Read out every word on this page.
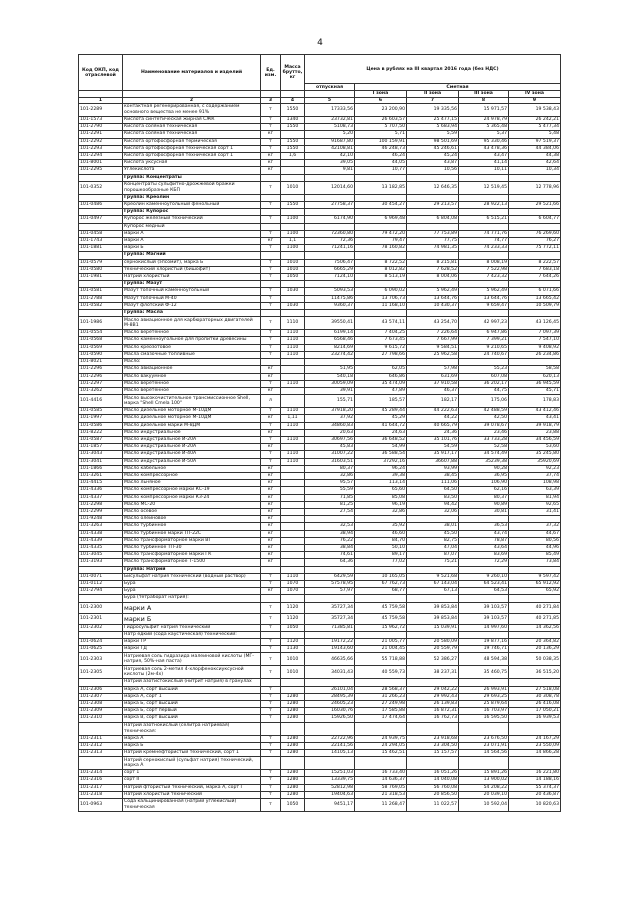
4
Код ОКП, код отраслевой	Наименование материалов и изделий	Ед. изм.	Масса брутто, кг	Цена в рублях на III квартал 2016 года (без НДС)				
				отпускная	Сметная			
					I зона	II зона	III зона	IV зона
1	2	3	4	5	6	7	8	9
101-2289	контактная регенерированная, с содержанием основного вещества не менее 91%	т	1550	17333,56	23 200,90	19 335,56	15 971,57	19 538,43
101-1573	Кислота синтетическая жирная СЖК	т	1340	23732,81	26 603,57	25 477,15	24 978,79	26 242,21
101-2790	Кислота соляная техническая	т	1550	5108,73	5 707,50	5 683,94	5 365,48	5 477,34
101-2291	Кислота соляная техническая	кг		5,20	5,71	5,59	5,37	5,48
101-2292	Кислота ортофосфорная термическая	т	1550	91687,80	100 159,91	98 501,69	95 330,46	97 519,37
101-2293	Кислота ортофосфорная техническая сорт 1	т	1550	42108,81	46 248,73	45 246,61	43 478,36	44 384,06
101-2294	Кислота ортофосфорная техническая сорт 1	кг	1,6	42,10	46,24	45,24	43,47	44,38
101-8001	Кислота уксусная	кг		39,05	44,05	43,87	41,14	42,64
101-2295	Углекислота	кг		9,81	10,77	10,56	10,11	10,34
	Группа: Концентраты							
101-0352	Концентраты сульфитно-дрожжевой бражки порошкообразные КБП	т	1010	12014,60	13 182,85	12 646,35	12 519,45	12 778,96
	Группа: Креолин							
101-0486	Креолин каменноугольный фенольный	т	1550	27758,37	30 454,27	29 213,57	28 922,13	29 521,66
	Группа: Купорос							
101-0497	Купорос железный технический	т	1100	6174,90	6 969,48	6 804,08	6 515,21	6 604,77
	Купорос медный							
101-0458	марки А	т	1100	72360,80	79 472,20	77 753,89	74 771,76	76 269,60
101-1743	марки А	кг	1,1	72,36	79,47	77,75	74,77	76,27
101-1881	марки Б	т	1100	71241,16	78 160,82	74 981,35	74 233,33	75 772,11
	Группа: Магний							
101-0579	сернокислый (эпсомит), марка Б	т	1010	7506,47	8 722,52	8 215,81	8 008,19	8 222,57
101-0580	технический хлористый (бишофит)	т	1010	6665,29	8 012,82	7 628,52	7 522,98	7 683,18
101-1981	Натрий хлористый	т	1050	7124,10	8 513,19	8 004,06	7 423,32	7 644,26
	Группа: Мазут							
101-0581	Мазут топочный каменноугольный	т	1030	5093,53	6 090,02	5 962,49	5 962,49	6 071,66
101-2788	Мазут топочный М-40	т		11475,86	13 706,73	13 644,76	13 644,76	13 665,42
101-0582	Мазут флотский Ф-12	т	1030	9360,37	11 168,10	10 430,37	9 659,47	10 509,79
	Группа: Масла							
101-1986	Масло авиационное для карбюраторных двигателей М-8В1	т	1110	39550,41	43 574,11	43 254,70	42 997,23	43 126,45
101-0554	Масло веретенное	т	1110	6199,14	7 404,25	7 226,64	6 947,86	7 097,39
101-0568	Масло каменноугольное для пропитки древесины	т	1110	6568,46	7 673,45	7 667,99	7 399,21	7 547,10
101-0569	Масло креозотовое	т	1110	8214,69	9 615,72	9 584,51	9 210,65	9 408,92
101-0590	Масла смазочные топливные	т	1110	23274,42	27 798,66	25 962,58	24 740,67	26 234,86
101-8021	Масло:							
101-2296	Масло авиационное	кг		51,95	62,05	57,98	55,23	58,58
101-2296	Масло вакуумное	кг		540,18	646,86	631,69	607,08	620,13
101-2297	Масло веретенное	т	1110	30059,09	35 474,09	37 910,58	36 202,17	36 945,59
101-3262	Масло веретенное	кг		39,91	47,89	46,37	44,75	45,71
101-4416	Масло высокочистительное трансмиссионное Shell, марка "Shell Cmela 100"	л		155,71	185,57	182,17	175,06	178,83
101-0585	Масло дизельное моторное М-10ДМ	т	1110	37918,20	45 289,44	44 222,63	42 488,59	43 412,46
101-1997	Масло дизельное моторное М-10ДМ	кг	1,11	37,92	45,29	44,22	42,50	43,41
101-0586	Масло дизельное марки М-8ДМ	т	1110	34860,83	41 644,72	40 665,79	39 078,67	39 918,79
101-8222	Масло индустриальное	кг		20,63	24,63	24,36	23,46	23,88
101-0587	Масло индустриальное И-20А	т	1110	30697,56	36 648,52	35 101,76	33 733,28	34 456,59
101-1857	Масло индустриальное И-20А	кг		45,83	54,99	54,59	52,58	53,60
101-3043	Масло индустриальное И-40А	т	1110	31007,22	36 588,54	35 917,17	34 574,49	35 245,80
101-3041	Масло индустриальное И-50А	т	1110	31603,51	37292,16	36607,88	35239,38	35920,69
101-1866	Масло кабельное	кг		80,37	96,24	93,99	90,28	92,23
101-3261	Масло компрессорное	кг		32,86	39,38	38,45	36,95	37,74
101-4415	Масло льняное	кг		95,57	113,14	111,06	106,90	108,98
101-4336	Масло компрессорное марки КС-19	кг		55,59	65,60	64,50	62,16	63,39
101-4337	Масло компрессорное марки КЗ-24	кг		71,85	85,08	83,50	80,37	81,94
101-2298	Масло МС-20	кг		81,25	96,19	94,42	90,89	92,65
101-2299	Масло осевое	кг		27,54	32,86	32,06	30,81	31,41
101-9248	Масло олеиновое	кг						
101-3263	Масло турбинное	кг		32,53	35,92	38,01	36,53	37,32
101-4338	Масло турбинное марки ТП-22С	кг		38,94	46,60	45,50	43,74	44,67
101-4339	Масло трансформаторное марки ВГ	кг		76,22	84,70	82,75	78,87	80,56
101-4335	Масло турбинное ТП-30	кг		38,84	50,10	47,04	43,64	44,96
101-3045	Масло трансформаторное марки ГК	кг		74,61	89,17	87,07	83,69	85,49
101-3193	Масло трансформаторное Т-1500	кг		64,36	77,02	75,21	72,29	73,84
	Группа: Натрий							
101-0071	Бисульфат натрия технический (водный раствор)	т	1110	6429,59	10 165,05	9 521,68	9 260,10	9 597,42
101-0112	Бура	т	1070	57578,95	67 762,73	67 143,04	64 523,41	65 912,92
101-2794	Бура	кг	1070	57,97	68,77	67,13	64,53	65,92
	Бура (тетраборат натрия):							
101-2300	марки А	т	1120	35727,34	45 759,58	39 853,84	39 103,57	40 271,84
101-2301	марки Б	т	1120	35727,34	45 759,58	39 853,84	39 103,57	40 271,85
101-2302	Гидросульфит натрия технический	т	1050	71385,81	15 962,72	15 039,91	14 997,60	14 362,56
	Натр едкий (сода каустическая) технический:							
101-0624	марки ТР	т	1120	19172,22	21 005,77	20 580,09	19 877,16	20 364,82
101-0625	марки ТД	т	1130	19143,60	21 004,45	20 559,79	19 746,71	20 136,29
101-2303	Натриевая соль гидразида малеиновой кислоты (МГ-натрия, 50%-ная паста)	т	1010	46635,66	55 718,88	52 386,27	48 594,38	50 038,35
101-2305	Натриевая соль 2-метил 4-хлорфеноксиуксусной кислоты (2м-4х)	т	1010	34031,43	40 559,73	38 237,31	35 460,75	36 515,20
	Натрий азотистокислый (нитрит натрия) в гранулах							
101-2306	марка А, сорт высший	т		26101,04	28 568,37	29 042,22	26 993,91	27 518,08
101-2307	марка А, сорт 1	т	1280	28495,39	31 266,23	29 992,43	29 693,25	30 308,78
101-2308	марка Б, сорт высший	т	1280	24605,23	27 249,98	26 139,83	25 879,64	26 416,08
101-2309	марка Б, сорт первый	т	1280	16030,76	17 585,88	16 872,31	16 703,97	17 050,21
101-2310	марка В, сорт высший	т	1280	15926,50	17 474,64	16 762,73	16 595,50	16 939,53
	Натрий азотнокислый (селитра натриевая) техническая:							
101-2311	марка А	т	1280	22722,96	24 939,75	23 918,68	23 676,50	24 167,29
101-2312	марка Б	т	1280	22141,56	24 294,05	23 304,50	23 071,91	23 550,09
101-2313	Натрий кремнефтористый технический, сорт 1	т	1280	14105,13	15 462,51	15 157,57	14 564,56	14 866,28
	Натрий сернокислый (сульфат натрия) технический, марка А							
101-2314	сорт 1	т	1280	15251,03	16 733,40	16 051,26	15 891,26	16 221,80
101-2316	сорт II	т	1280	13339,75	14 636,37	14 040,08	13 900,02	14 188,16
101-2317	Натрий фтористый технический, марка А, сорт I	т	1280	52812,98	58 769,05	56 760,08	54 208,22	55 374,37
101-2318	Натрий хлористый технический	т	1280	19404,63	21 318,53	20 856,50	20 039,10	20 436,87
101-0963	Сода кальцинированная (натрий углекислый) техническая	т	1050	9451,17	11 268,47	11 022,57	10 592,04	10 820,63
